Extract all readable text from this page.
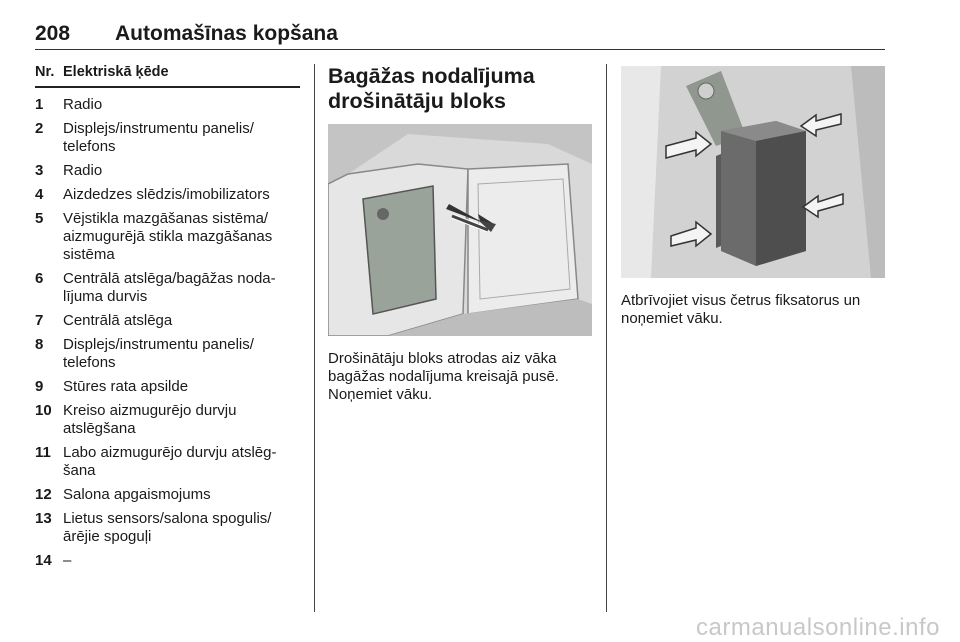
208 Automašīnas kopšana
Nr. Elektriskā ķēde
1	Radio
2	Displejs/instrumentu panelis/ telefons
3	Radio
4	Aizdedzes slēdzis/imobilizators
5	Vējstikla mazgāšanas sistēma/ aizmugurējā stikla mazgāšanas sistēma
6	Centrālā atslēga/bagāžas noda-lījuma durvis
7	Centrālā atslēga
8	Displejs/instrumentu panelis/ telefons
9	Stūres rata apsilde
10 Kreiso aizmugurējo durvju atslēgšana
11 Labo aizmugurējo durvju atslēg-šana
12 Salona apgaismojums
13 Lietus sensors/salona spogulis/ ārējie spoguļi
14 –
Bagāžas nodalījuma drošinātāju bloks
Drošinātāju bloks atrodas aiz vāka bagāžas nodalījuma kreisajā pusē. Noņemiet vāku.
Atbrīvojiet visus četrus fiksatorus un noņemiet vāku.
carmanualsonline.info
